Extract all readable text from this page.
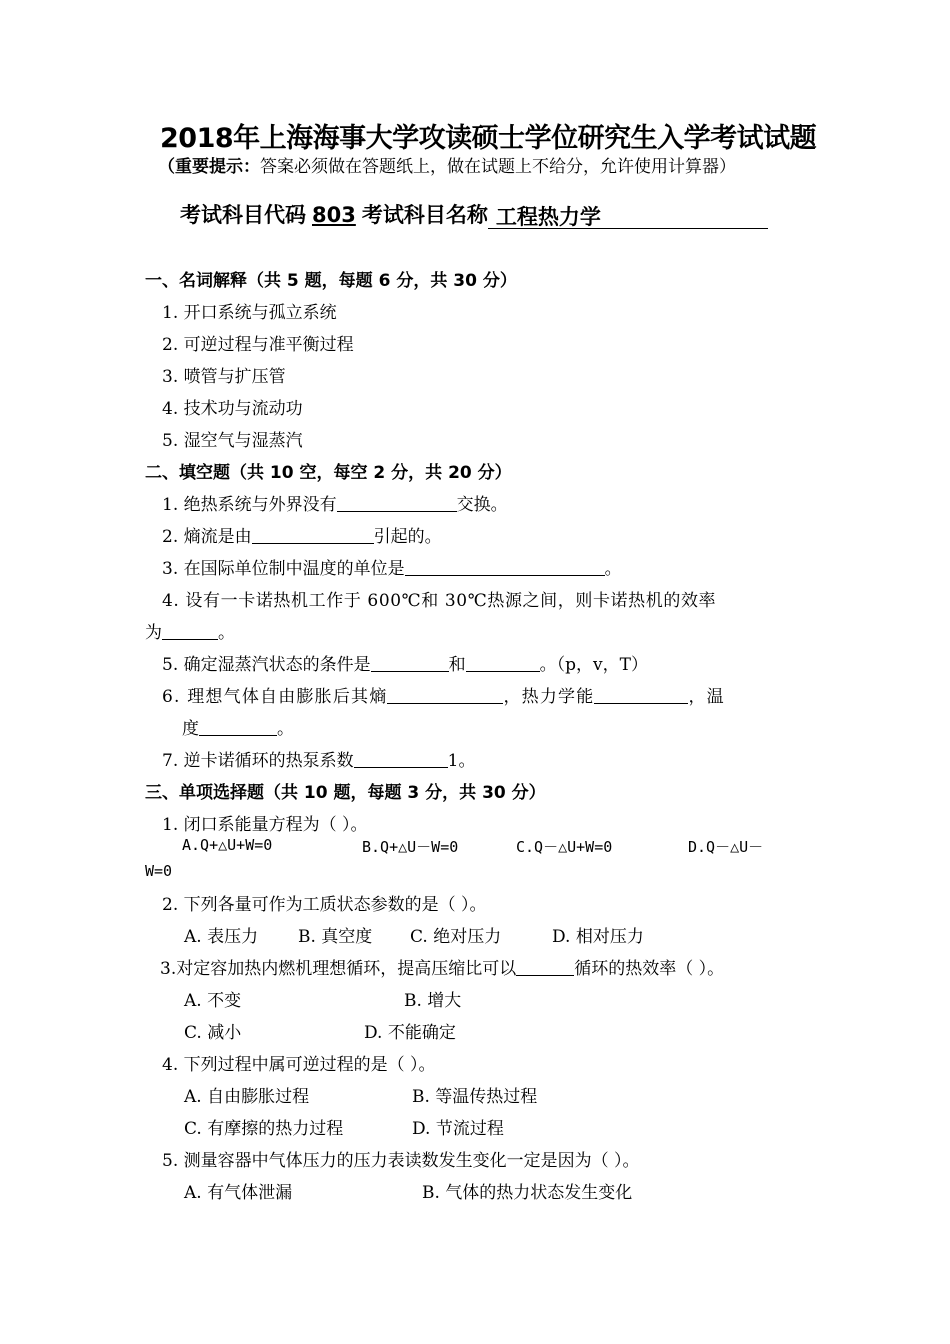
2018年上海海事大学攻读硕士学位研究生入学考试试题
（重要提示：答案必须做在答题纸上，做在试题上不给分，允许使用计算器）
考试科目代码 803 考试科目名称 工程热力学
一、名词解释（共 5 题，每题 6 分，共 30 分）
1. 开口系统与孤立系统
2. 可逆过程与准平衡过程
3. 喷管与扩压管
4. 技术功与流动功
5. 湿空气与湿蒸汽
二、填空题（共 10 空，每空 2 分，共 20 分）
1. 绝热系统与外界没有	交换。
2. 熵流是由	引起的。
3. 在国际单位制中温度的单位是	。
4. 设有一卡诺热机工作于 600℃和 30℃热源之间，则卡诺热机的效率
为	。
5. 确定湿蒸汽状态的条件是	和	。（p，v，T）
6. 理想气体自由膨胀后其熵	，热力学能	，温
度	。
7. 逆卡诺循环的热泵系数	1。
三、单项选择题（共 10 题，每题 3 分，共 30 分）
1. 闭口系能量方程为（ ）。
A.Q+△U+W=0	B.Q+△U－W=0	C.Q－△U+W=0	D.Q－△U－
W=0
2. 下列各量可作为工质状态参数的是（ ）。
A. 表压力 B. 真空度 C. 绝对压力	D. 相对压力
3.对定容加热内燃机理想循环，提高压缩比可以	循环的热效率（ ）。
A. 不变	B. 增大
C. 减小	D. 不能确定
4. 下列过程中属可逆过程的是（ ）。
A. 自由膨胀过程	B. 等温传热过程
C. 有摩擦的热力过程	D. 节流过程
5. 测量容器中气体压力的压力表读数发生变化一定是因为（ ）。
A. 有气体泄漏	B. 气体的热力状态发生变化
